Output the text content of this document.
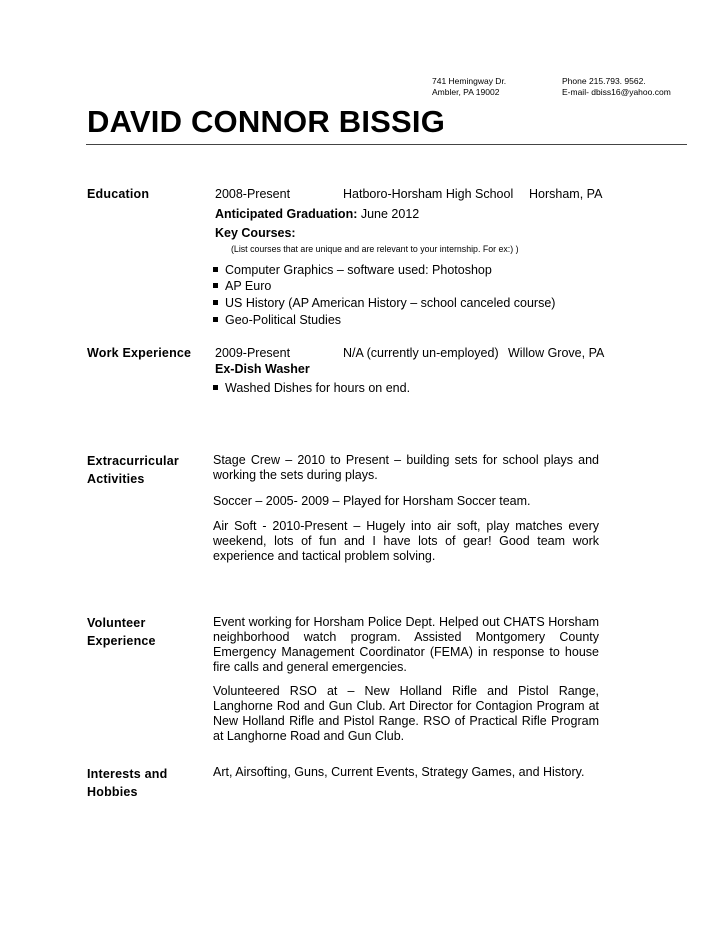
741 Hemingway Dr.
Ambler, PA 19002
Phone 215.793. 9562.
E-mail- dbiss16@yahoo.com
DAVID CONNOR BISSIG
Education	2008-Present	Hatboro-Horsham High School Horsham, PA
Anticipated Graduation: June 2012
Key Courses:
(List courses that are unique and are relevant to your internship. For ex:) )
Computer Graphics – software used: Photoshop
AP Euro
US History (AP American History – school canceled course)
Geo-Political Studies
Work Experience 2009-Present	N/A (currently un-employed) Willow Grove, PA
Ex-Dish Washer
Washed Dishes for hours on end.
Extracurricular
Activities
Stage Crew – 2010 to Present – building sets for school plays and working the sets during plays.
Soccer – 2005- 2009 – Played for Horsham Soccer team.
Air Soft - 2010-Present – Hugely into air soft, play matches every weekend, lots of fun and I have lots of gear! Good team work experience and tactical problem solving.
Volunteer
Experience
Event working for Horsham Police Dept. Helped out CHATS Horsham neighborhood watch program. Assisted Montgomery County Emergency Management Coordinator (FEMA) in response to house fire calls and general emergencies.
Volunteered RSO at – New Holland Rifle and Pistol Range, Langhorne Rod and Gun Club. Art Director for Contagion Program at New Holland Rifle and Pistol Range. RSO of Practical Rifle Program at Langhorne Road and Gun Club.
Interests and
Hobbies
Art, Airsofting, Guns, Current Events, Strategy Games, and History.
